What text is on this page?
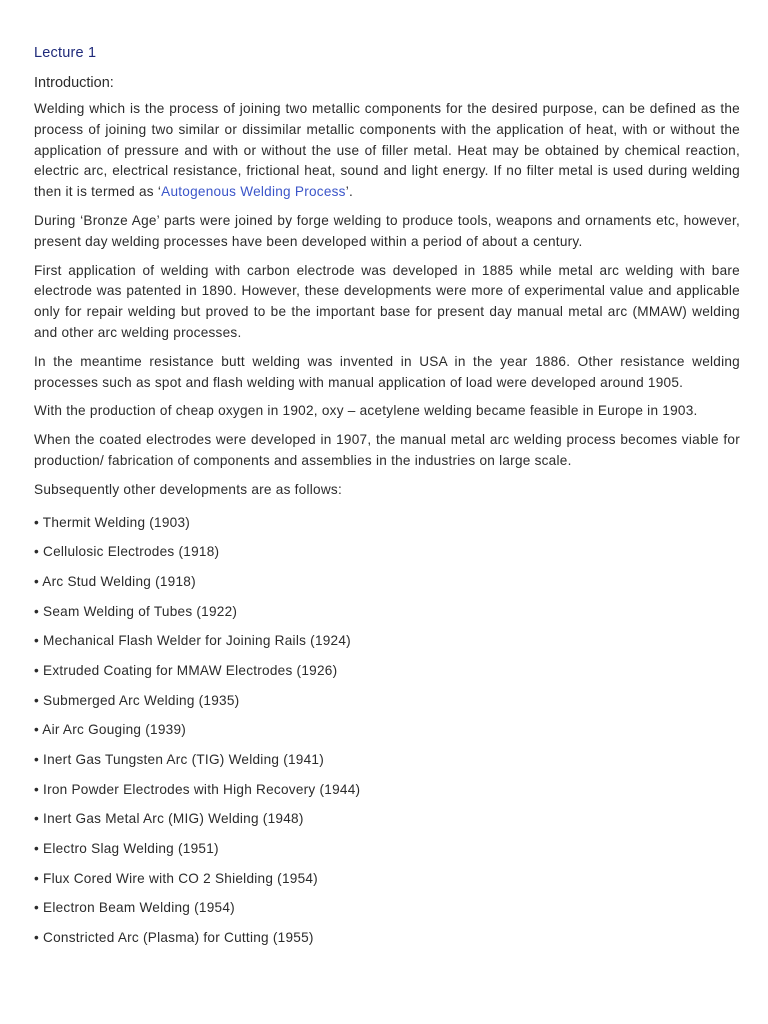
Lecture 1
Introduction:

Welding which is the process of joining two metallic components for the desired purpose, can be defined as the process of joining two similar or dissimilar metallic components with the application of heat, with or without the application of pressure and with or without the use of filler metal. Heat may be obtained by chemical reaction, electric arc, electrical resistance, frictional heat, sound and light energy. If no filter metal is used during welding then it is termed as ‘Autogenous Welding Process’.

During ‘Bronze Age’ parts were joined by forge welding to produce tools, weapons and ornaments etc, however, present day welding processes have been developed within a period of about a century.

First application of welding with carbon electrode was developed in 1885 while metal arc welding with bare electrode was patented in 1890. However, these developments were more of experimental value and applicable only for repair welding but proved to be the important base for present day manual metal arc (MMAW) welding and other arc welding processes.

In the meantime resistance butt welding was invented in USA in the year 1886. Other resistance welding processes such as spot and flash welding with manual application of load were developed around 1905.

With the production of cheap oxygen in 1902, oxy – acetylene welding became feasible in Europe in 1903.

When the coated electrodes were developed in 1907, the manual metal arc welding process becomes viable for production/ fabrication of components and assemblies in the industries on large scale.

Subsequently other developments are as follows:

• Thermit Welding (1903)
• Cellulosic Electrodes (1918)
• Arc Stud Welding (1918)
• Seam Welding of Tubes (1922)
• Mechanical Flash Welder for Joining Rails (1924)
• Extruded Coating for MMAW Electrodes (1926)
• Submerged Arc Welding (1935)
• Air Arc Gouging (1939)
• Inert Gas Tungsten Arc (TIG) Welding (1941)
• Iron Powder Electrodes with High Recovery (1944)
• Inert Gas Metal Arc (MIG) Welding (1948)
• Electro Slag Welding (1951)
• Flux Cored Wire with CO 2 Shielding (1954)
• Electron Beam Welding (1954)
• Constricted Arc (Plasma) for Cutting (1955)
